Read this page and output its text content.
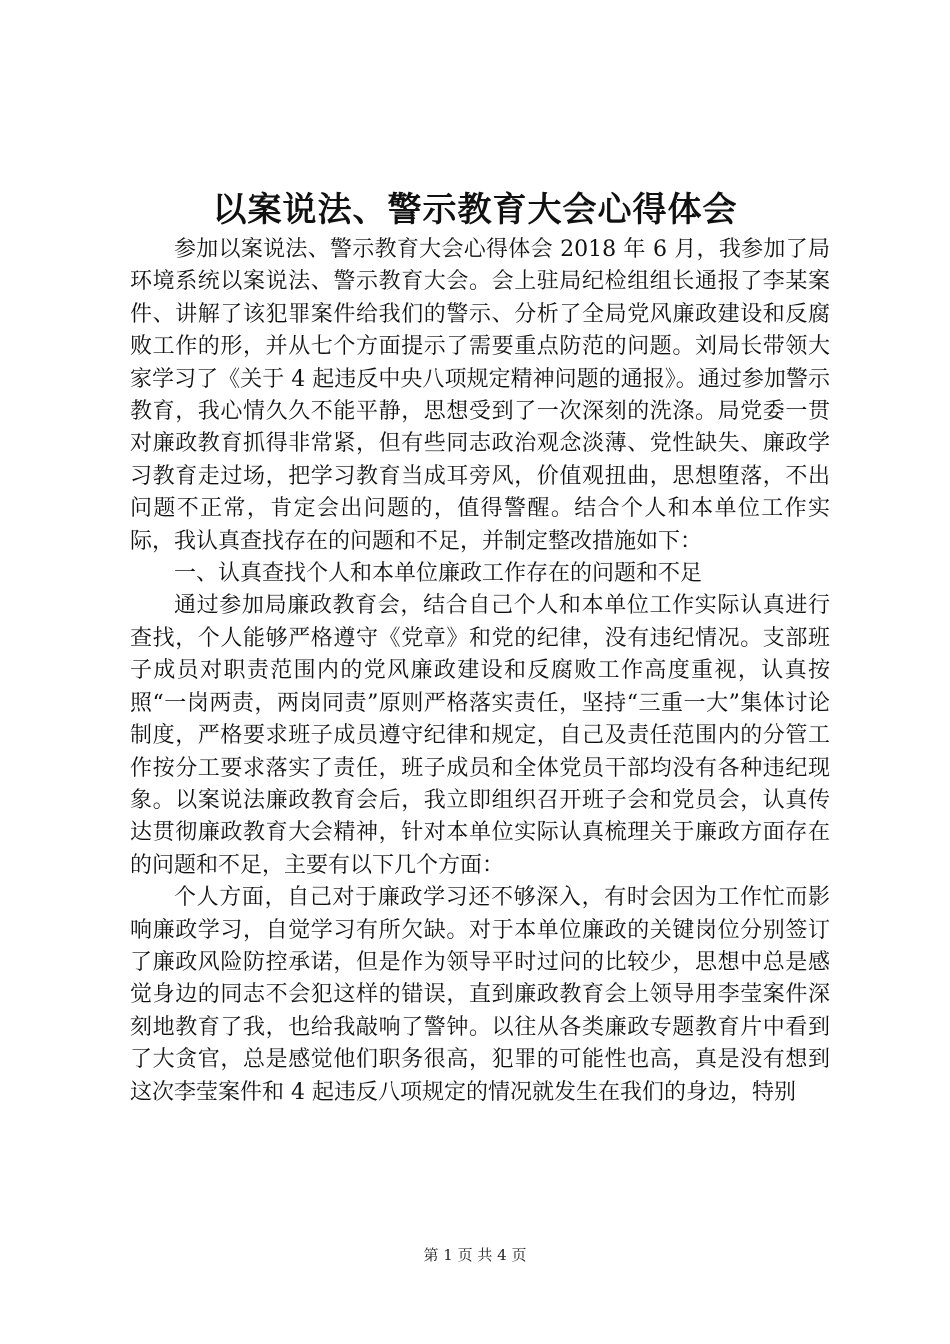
以案说法、警示教育大会心得体会

参加以案说法、警示教育大会心得体会 2018 年 6 月，我参加了局环境系统以案说法、警示教育大会。会上驻局纪检组组长通报了李某案件、讲解了该犯罪案件给我们的警示、分析了全局党风廉政建设和反腐败工作的形，并从七个方面提示了需要重点防范的问题。刘局长带领大家学习了《关于 4 起违反中央八项规定精神问题的通报》。通过参加警示教育，我心情久久不能平静，思想受到了一次深刻的洗涤。局党委一贯对廉政教育抓得非常紧，但有些同志政治观念淡薄、党性缺失、廉政学习教育走过场，把学习教育当成耳旁风，价值观扭曲，思想堕落，不出问题不正常，肯定会出问题的，值得警醒。结合个人和本单位工作实际，我认真查找存在的问题和不足，并制定整改措施如下：

一、认真查找个人和本单位廉政工作存在的问题和不足

通过参加局廉政教育会，结合自己个人和本单位工作实际认真进行查找，个人能够严格遵守《党章》和党的纪律，没有违纪情况。支部班子成员对职责范围内的党风廉政建设和反腐败工作高度重视，认真按照“一岗两责，两岗同责”原则严格落实责任，坚持“三重一大”集体讨论制度，严格要求班子成员遵守纪律和规定，自己及责任范围内的分管工作按分工要求落实了责任，班子成员和全体党员干部均没有各种违纪现象。以案说法廉政教育会后，我立即组织召开班子会和党员会，认真传达贯彻廉政教育大会精神，针对本单位实际认真梳理关于廉政方面存在的问题和不足，主要有以下几个方面：

个人方面，自己对于廉政学习还不够深入，有时会因为工作忙而影响廉政学习，自觉学习有所欠缺。对于本单位廉政的关键岗位分别签订了廉政风险防控承诺，但是作为领导平时过问的比较少，思想中总是感觉身边的同志不会犯这样的错误，直到廉政教育会上领导用李莹案件深刻地教育了我，也给我敲响了警钟。以往从各类廉政专题教育片中看到了大贪官，总是感觉他们职务很高，犯罪的可能性也高，真是没有想到这次李莹案件和 4 起违反八项规定的情况就发生在我们的身边，特别

第 1 页 共 4 页
